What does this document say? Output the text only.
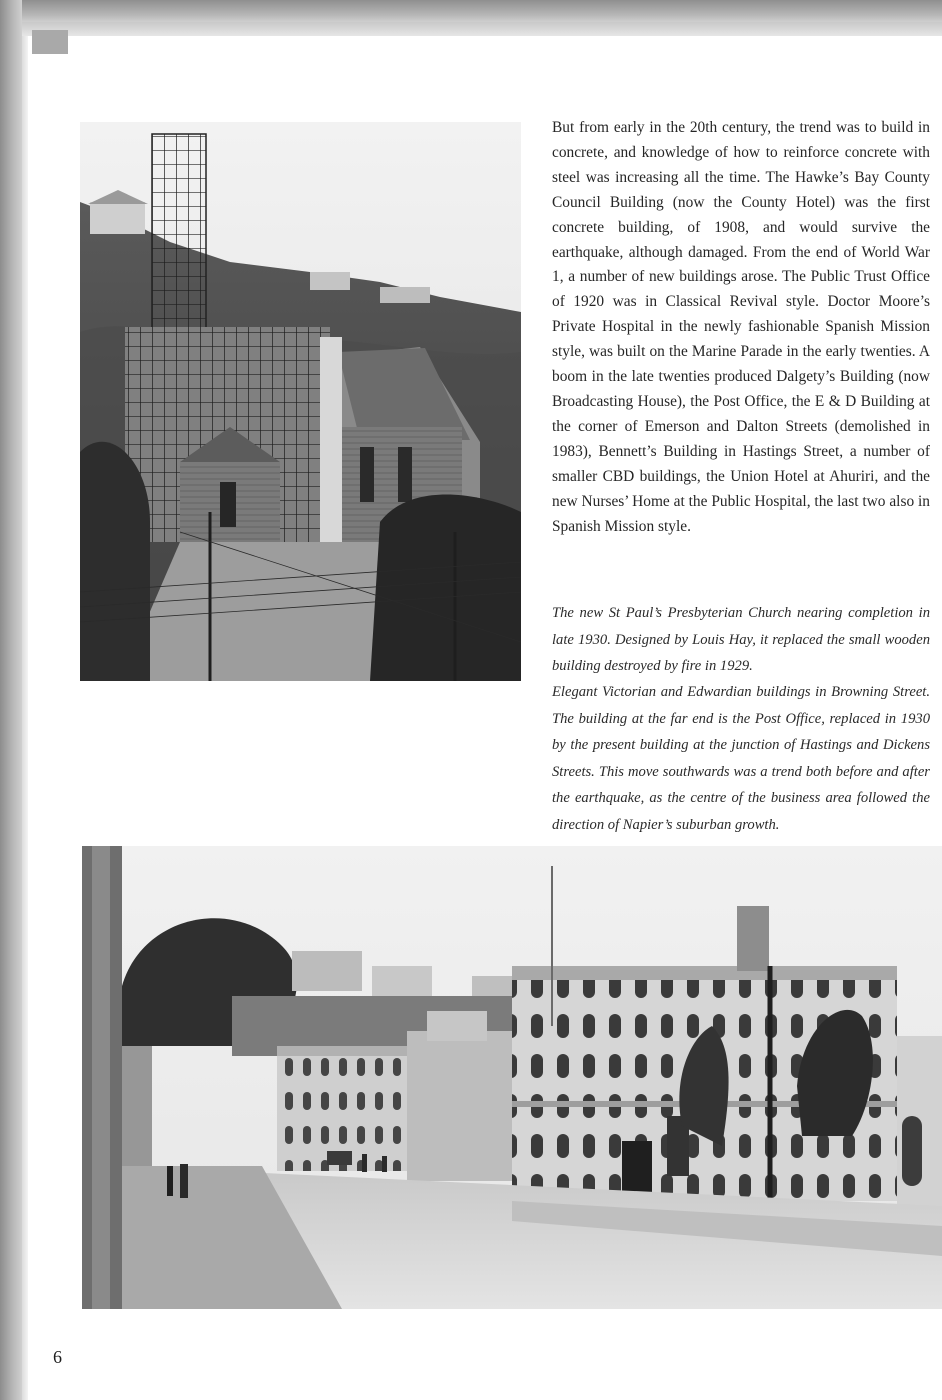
But from early in the 20th century, the trend was to build in concrete, and knowledge of how to reinforce concrete with steel was increasing all the time. The Hawke’s Bay County Council Building (now the County Hotel) was the first concrete building, of 1908, and would survive the earthquake, although damaged. From the end of World War 1, a number of new buildings arose. The Public Trust Office of 1920 was in Classical Revival style. Doctor Moore’s Private Hospital in the newly fashionable Spanish Mission style, was built on the Marine Parade in the early twenties. A boom in the late twenties produced Dalgety’s Building (now Broadcasting House), the Post Office, the E & D Building at the corner of Emerson and Dalton Streets (demolished in 1983), Bennett’s Building in Hastings Street, a number of smaller CBD buildings, the Union Hotel at Ahuriri, and the new Nurses’ Home at the Public Hospital, the last two also in Spanish Mission style.

The new St Paul’s Presbyterian Church nearing completion in late 1930. Designed by Louis Hay, it replaced the small wooden building destroyed by fire in 1929.

Elegant Victorian and Edwardian buildings in Browning Street. The building at the far end is the Post Office, replaced in 1930 by the present building at the junction of Hastings and Dickens Streets. This move southwards was a trend both before and after the earthquake, as the centre of the business area followed the direction of Napier’s suburban growth.

6
